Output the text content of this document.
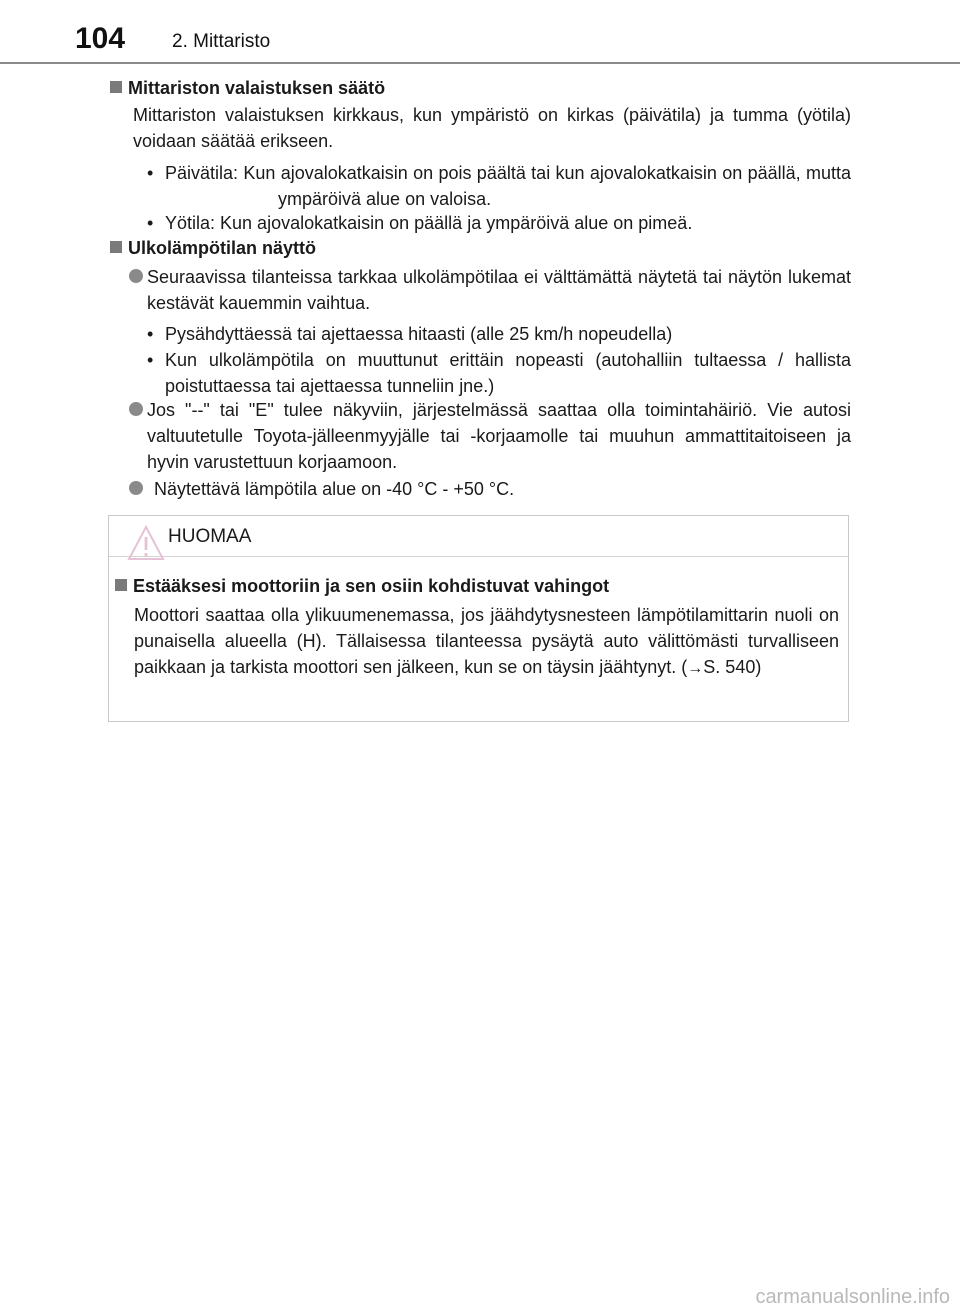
104 2. Mittaristo
Mittariston valaistuksen säätö
Mittariston valaistuksen kirkkaus, kun ympäristö on kirkas (päivätila) ja tumma (yötila) voidaan säätää erikseen.
• Päivätila: Kun ajovalokatkaisin on pois päältä tai kun ajovalokatkaisin on päällä, mutta ympäröivä alue on valoisa.
• Yötila: Kun ajovalokatkaisin on päällä ja ympäröivä alue on pimeä.
Ulkolämpötilan näyttö
Seuraavissa tilanteissa tarkkaa ulkolämpötilaa ei välttämättä näytetä tai näytön lukemat kestävät kauemmin vaihtua.
• Pysähdyttäessä tai ajettaessa hitaasti (alle 25 km/h nopeudella)
• Kun ulkolämpötila on muuttunut erittäin nopeasti (autohalliin tultaessa / hallista poistuttaessa tai ajettaessa tunneliin jne.)
Jos "--" tai "E" tulee näkyviin, järjestelmässä saattaa olla toimintahäiriö. Vie autosi valtuutetulle Toyota-jälleenmyyjälle tai -korjaamolle tai muuhun ammattitaitoiseen ja hyvin varustettuun korjaamoon.
Näytettävä lämpötila alue on -40 °C - +50 °C.
HUOMAA
Estääksesi moottoriin ja sen osiin kohdistuvat vahingot
Moottori saattaa olla ylikuumenemassa, jos jäähdytysnesteen lämpötilamittarin nuoli on punaisella alueella (H). Tällaisessa tilanteessa pysäytä auto välittömästi turvalliseen paikkaan ja tarkista moottori sen jälkeen, kun se on täysin jäähtynyt. (→S. 540)
carmanualsonline.info
